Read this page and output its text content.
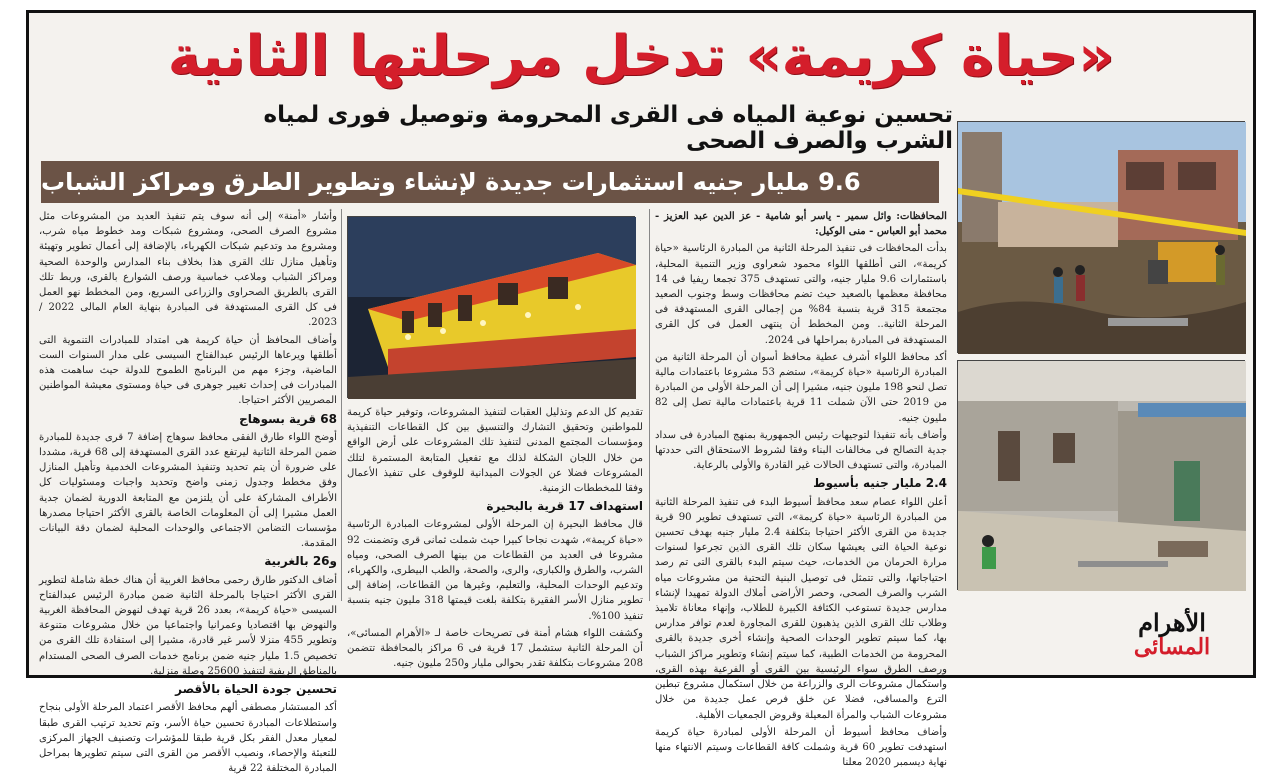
«حياة كريمة» تدخل مرحلتها الثانية
تحسين نوعية المياه فى القرى المحرومة وتوصيل فورى لمياه الشرب والصرف الصحى
9.6 مليار جنيه استثمارات جديدة لإنشاء وتطوير الطرق ومراكز الشباب

المحافظات: وائل سمير - ياسر أبو شامية - عز الدين عبد العزيز - محمد أبو العباس - منى الوكيل:

بدأت المحافظات فى تنفيذ المرحلة الثانية من المبادرة الرئاسية «حياة كريمة»، التى أطلقها اللواء محمود شعراوى وزير التنمية المحلية، باستثمارات 9.6 مليار جنيه، والتى تستهدف 375 تجمعا ريفيا فى 14 محافظة معظمها بالصعيد حيث تضم محافظات وسط وجنوب الصعيد مجتمعة 315 قرية بنسبة 84% من إجمالى القرى المستهدفة فى المرحلة الثانية.. ومن المخطط أن ينتهى العمل فى كل القرى المستهدفة فى المبادرة بمراحلها فى 2024.

أكد محافظ اللواء أشرف عطية محافظ أسوان أن المرحلة الثانية من المبادرة الرئاسية «حياة كريمة»، ستضم 53 مشروعا باعتمادات مالية تصل لنحو 198 مليون جنيه، مشيرا إلى أن المرحلة الأولى من المبادرة من 2019 حتى الآن شملت 11 قرية باعتمادات مالية تصل إلى 82 مليون جنيه.

وأضاف بأنه تنفيذا لتوجيهات رئيس الجمهورية بمنهج المبادرة فى سداد جدية التصالح فى مخالفات البناء وفقا لشروط الاستحقاق التى حددتها المبادرة، والتى تستهدف الحالات غير القادرة والأولى بالرعاية.

2.4 مليار جنيه بأسيوط

أعلن اللواء عصام سعد محافظ أسيوط البدء فى تنفيذ المرحلة الثانية من المبادرة الرئاسية «حياة كريمة»، التى تستهدف تطوير 90 قرية جديدة من القرى الأكثر احتياجا بتكلفة 2.4 مليار جنيه بهدف تحسين نوعية الحياة التى يعيشها سكان تلك القرى الذين تجرعوا لسنوات مرارة الحرمان من الخدمات، حيث سيتم البدء بالقرى التى تم رصد احتياجاتها، والتى تتمثل فى توصيل البنية التحتية من مشروعات مياه الشرب والصرف الصحى، وحصر الأراضى أملاك الدولة تمهيدا لإنشاء مدارس جديدة تستوعب الكثافة الكبيرة للطلاب، وإنهاء معاناة تلاميذ وطلاب تلك القرى الذين يذهبون للقرى المجاورة لعدم توافر مدارس بها، كما سيتم تطوير الوحدات الصحية وإنشاء أخرى جديدة بالقرى المحرومة من الخدمات الطبية، كما سيتم إنشاء وتطوير مراكز الشباب ورصف الطرق سواء الرئيسية بين القرى أو الفرعية بهذه القرى، واستكمال مشروعات الرى والزراعة من خلال استكمال مشروع تبطين الترع والمساقى، فضلا عن خلق فرص عمل جديدة من خلال مشروعات الشباب والمرأة المعيلة وقروض الجمعيات الأهلية.

وأضاف محافظ أسيوط أن المرحلة الأولى لمبادرة حياة كريمة استهدفت تطوير 60 قرية وشملت كافة القطاعات وسيتم الانتهاء منها نهاية ديسمبر 2020 معلنا

تقديم كل الدعم وتذليل العقبات لتنفيذ المشروعات، وتوفير حياة كريمة للمواطنين وتحقيق التشارك والتنسيق بين كل القطاعات التنفيذية ومؤسسات المجتمع المدنى لتنفيذ تلك المشروعات على أرض الواقع من خلال اللجان الشكلة لذلك مع تفعيل المتابعة المستمرة لتلك المشروعات فضلا عن الجولات الميدانية للوقوف على تنفيذ الأعمال وفقا للمخططات الزمنية.

استهداف 17 قرية بالبحيرة

قال محافظ البحيرة إن المرحلة الأولى لمشروعات المبادرة الرئاسية «حياة كريمة»، شهدت نجاحا كبيرا حيث شملت ثمانى قرى وتضمنت 92 مشروعا فى العديد من القطاعات من بينها الصرف الصحى، ومياه الشرب، والطرق والكبارى، والرى، والصحة، والطب البيطرى، والكهرباء، وتدعيم الوحدات المحلية، والتعليم، وغيرها من القطاعات، إضافة إلى تطوير منازل الأسر الفقيرة بتكلفة بلغت قيمتها 318 مليون جنيه بنسبة تنفيذ 100%.

وكشفت اللواء هشام أمنة فى تصريحات خاصة لـ «الأهرام المسائى»، أن المرحلة الثانية ستشمل 17 قرية فى 6 مراكز بالمحافظة تتضمن 208 مشروعات بتكلفة تقدر بحوالى مليار و250 مليون جنيه.

وأشار «أمنة» إلى أنه سوف يتم تنفيذ العديد من المشروعات مثل مشروع الصرف الصحى، ومشروع شبكات ومد خطوط مياه شرب، ومشروع مد وتدعيم شبكات الكهرباء، بالإضافة إلى أعمال تطوير وتهيئة وتأهيل منازل تلك القرى هذا بخلاف بناء المدارس والوحدة الصحية ومراكز الشباب وملاعب خماسية ورصف الشوارع بالقرى، وربط تلك القرى بالطريق الصحراوى والزراعى السريع، ومن المخطط نهو العمل فى كل القرى المستهدفة فى المبادرة بنهاية العام المالى 2022 / 2023.

وأضاف المحافظ أن حياة كريمة هى امتداد للمبادرات التنموية التى أطلقها ويرعاها الرئيس عبدالفتاح السيسى على مدار السنوات الست الماضية، وجزء مهم من البرنامج الطموح للدولة حيث ساهمت هذه المبادرات فى إحداث تغيير جوهرى فى حياة ومستوى معيشة المواطنين المصريين الأكثر احتياجا.

68 قرية بسوهاج

أوضح اللواء طارق الفقى محافظ سوهاج إضافة 7 قرى جديدة للمبادرة ضمن المرحلة الثانية ليرتفع عدد القرى المستهدفة إلى 68 قرية، مشددا على ضرورة أن يتم تحديد وتنفيذ المشروعات الخدمية وتأهيل المنازل وفق مخطط وجدول زمنى واضح وتحديد واجبات ومسئوليات كل الأطراف المشاركة على أن يلتزمن مع المتابعة الدورية لضمان جدية العمل مشيرا إلى أن المعلومات الخاصة بالقرى الأكثر احتياجا مصدرها مؤسسات التضامن الاجتماعى والوحدات المحلية لضمان دقة البيانات المقدمة.

و26 بالغربية

أضاف الدكتور طارق رحمى محافظ الغربية أن هناك خطة شاملة لتطوير القرى الأكثر احتياجا بالمرحلة الثانية ضمن مبادرة الرئيس عبدالفتاح السيسى «حياة كريمة»، بعدد 26 قرية تهدف لنهوض المحافظة الغربية والنهوض بها اقتصاديا وعمرانيا واجتماعيا من خلال مشروعات متنوعة وتطوير 455 منزلا لأسر غير قادرة، مشيرا إلى استفادة تلك القرى من تخصيص 1.5 مليار جنيه ضمن برنامج خدمات الصرف الصحى المستدام بالمناطق الريفية لتنفيذ 25600 وصلة منزلية.

تحسين جودة الحياة بالأقصر

أكد المستشار مصطفى ألهم محافظ الأقصر اعتماد المرحلة الأولى بنجاح واستطلاعات المبادرة تحسين حياة الأسر، وتم تحديد ترتيب القرى طبقا لمعيار معدل الفقر بكل قرية طبقا للمؤشرات وتصنيف الجهاز المركزى للتعبئة والإحصاء، ونصيب الأقصر من القرى التى سيتم تطويرها بمراحل المبادرة المختلفة 22 قرية

الأهرام
المسائى
